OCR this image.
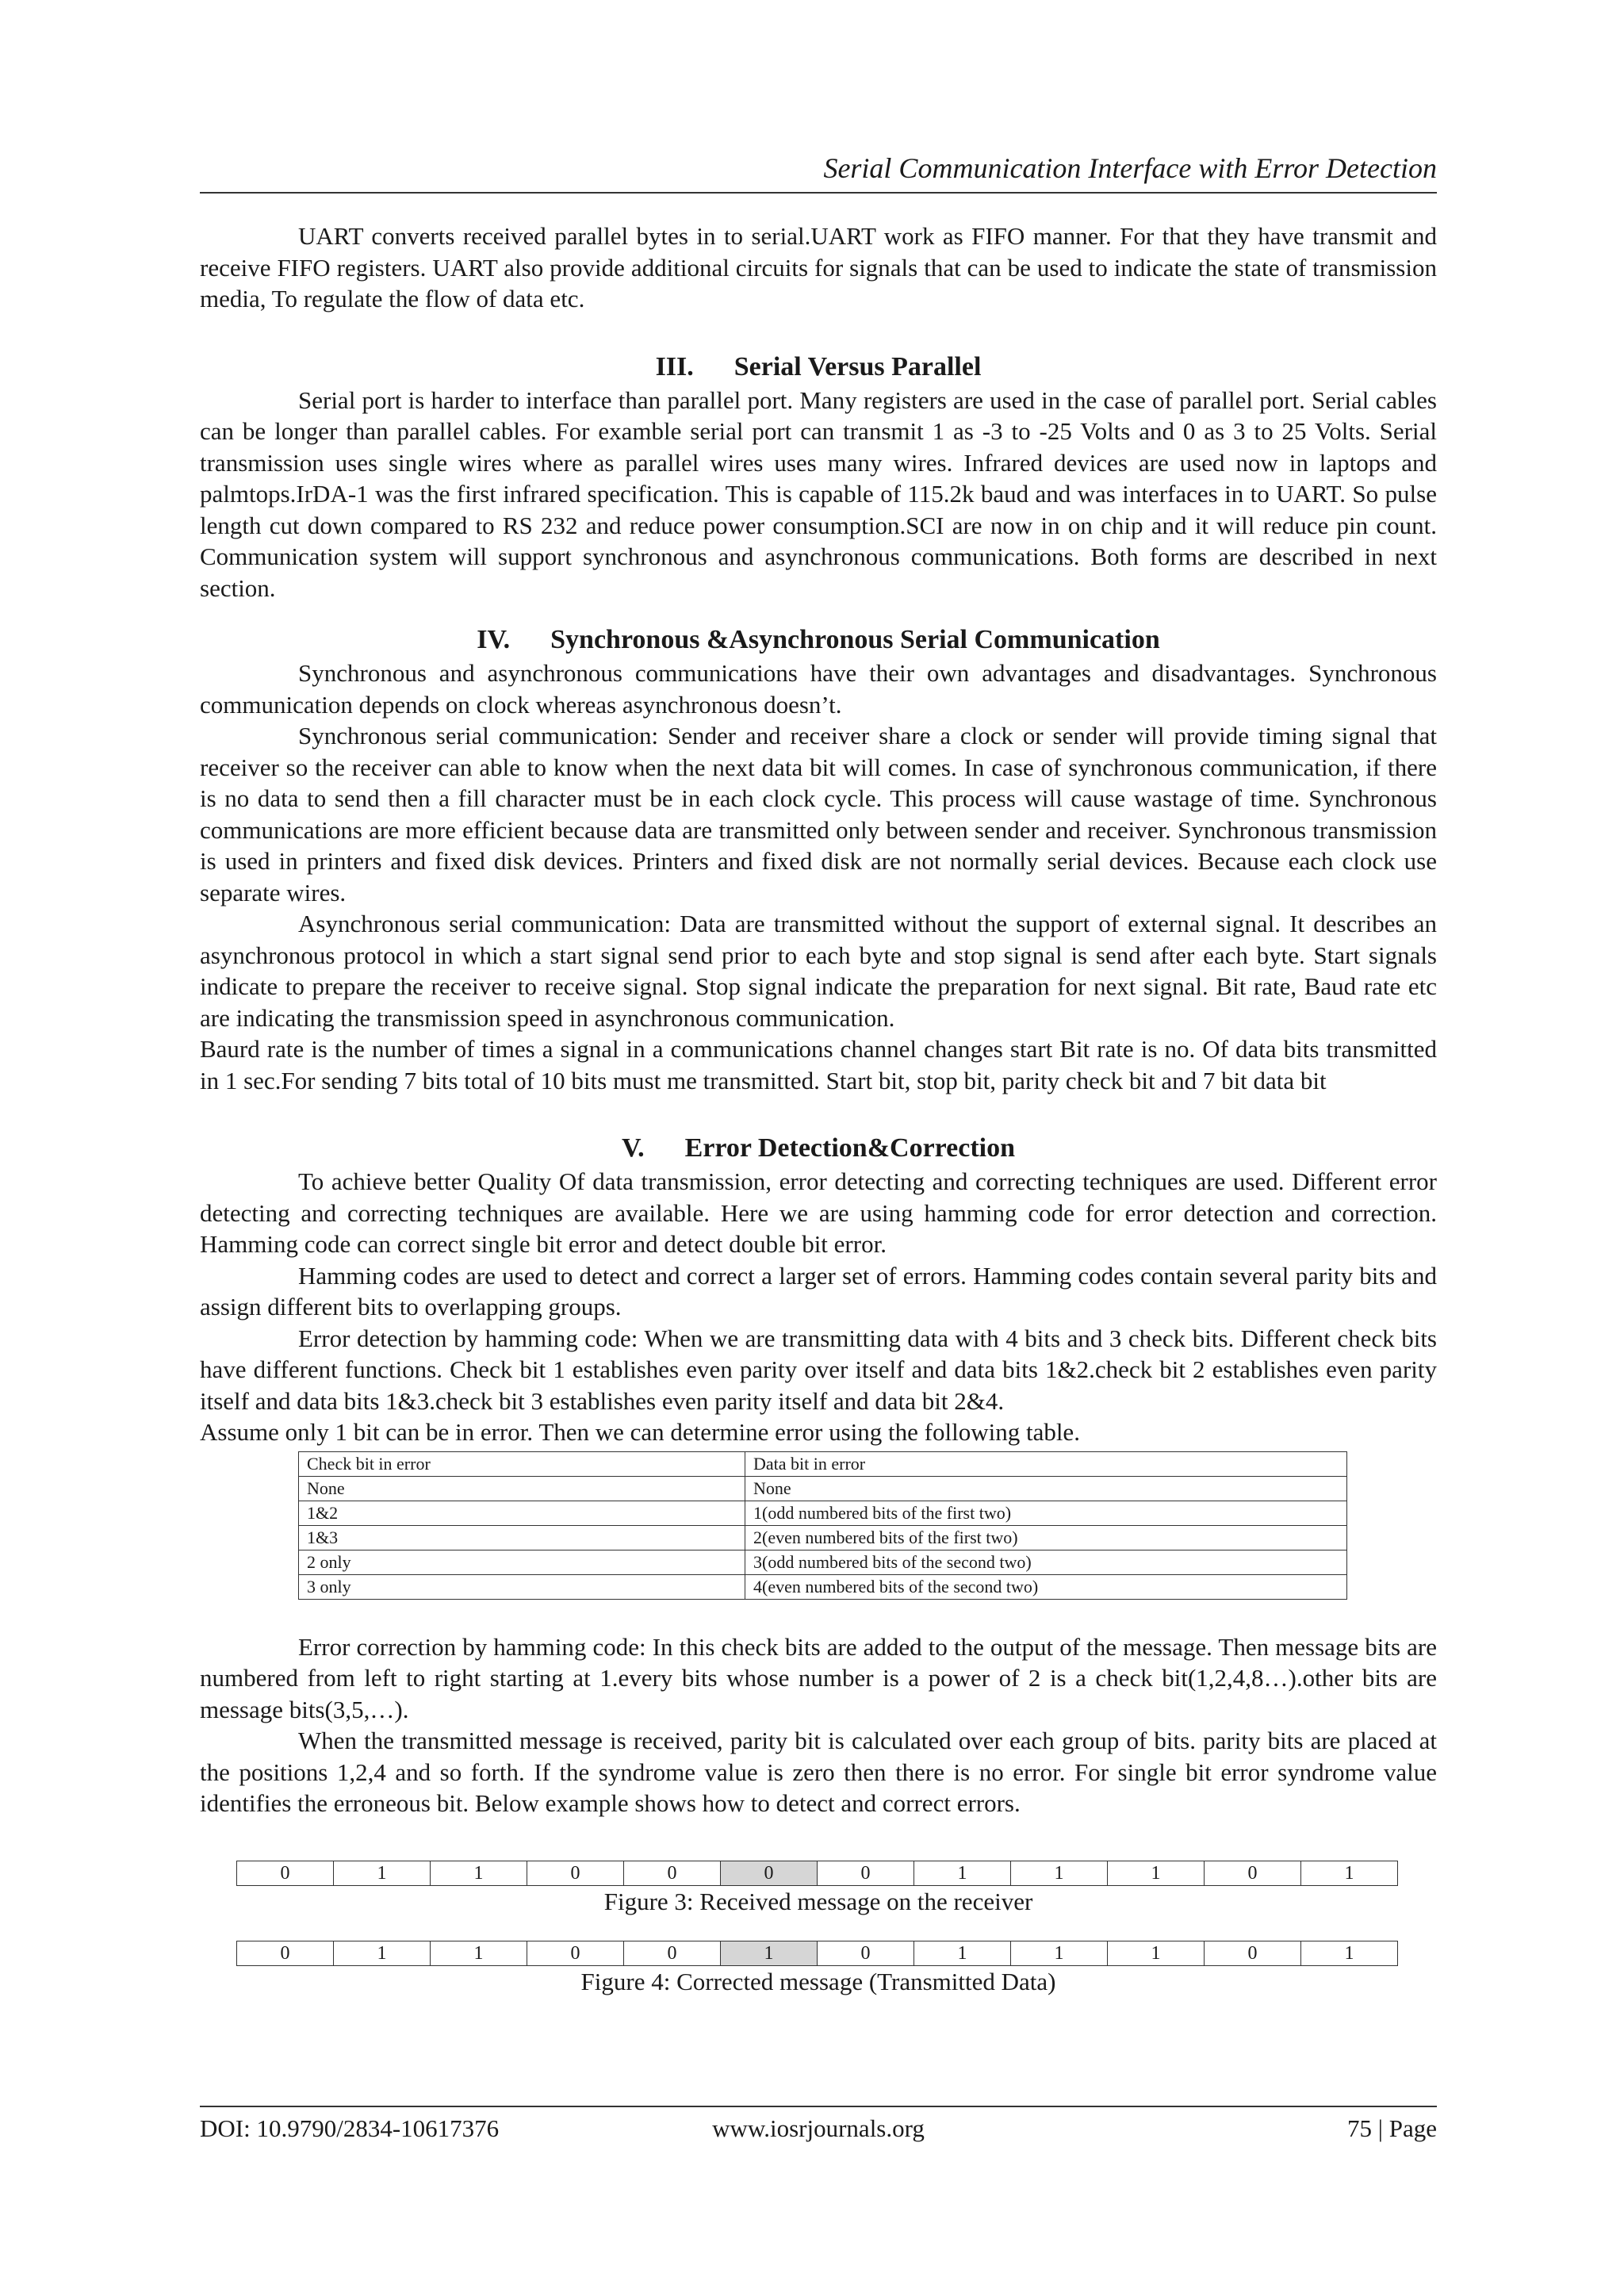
Serial Communication Interface with Error Detection

UART converts received parallel bytes in to serial.UART work as FIFO manner. For that they have transmit and receive FIFO registers. UART also provide additional circuits for signals that can be used to indicate the state of transmission media, To regulate the flow of data etc.

III.      Serial Versus Parallel

Serial port is harder to interface than parallel port. Many registers are used in the case of parallel port. Serial cables can be longer than parallel cables. For examble serial port can transmit 1 as -3 to -25 Volts and 0 as 3 to 25 Volts. Serial transmission uses single wires where as parallel wires uses many wires. Infrared devices are used now in laptops and palmtops.IrDA-1 was the first infrared specification. This is capable of 115.2k baud and was interfaces in to UART. So pulse length cut down compared to RS 232 and reduce power consumption.SCI are now in on chip and it will reduce pin count. Communication system will support synchronous and asynchronous communications. Both forms are described in next section.

IV.      Synchronous &Asynchronous Serial Communication

Synchronous and asynchronous communications have their own advantages and disadvantages. Synchronous communication depends on clock whereas asynchronous doesn’t.

Synchronous serial communication: Sender and receiver share a clock or sender will provide timing signal that receiver so the receiver can able to know when the next data bit will comes. In case of synchronous communication, if there is no data to send then a fill character must be in each clock cycle. This process will cause wastage of time. Synchronous communications are more efficient because data are transmitted only between sender and receiver. Synchronous transmission is used in printers and fixed disk devices. Printers and fixed disk are not normally serial devices. Because each clock use separate wires.

Asynchronous serial communication: Data are transmitted without the support of external signal. It describes an asynchronous protocol in which a start signal send prior to each byte and stop signal is send after each byte. Start signals indicate to prepare the receiver to receive signal. Stop signal indicate the preparation for next signal. Bit rate, Baud rate etc are indicating the transmission speed in asynchronous communication.

Baurd rate is the number of times a signal in a communications channel changes start Bit rate is no. Of data bits transmitted in 1 sec.For sending 7 bits total of 10 bits must me transmitted. Start bit, stop bit, parity check bit and 7 bit data bit

V.      Error Detection&Correction

To achieve better Quality Of data transmission, error detecting and correcting techniques are used. Different error detecting and correcting techniques are available. Here we are using hamming code for error detection and correction. Hamming code can correct single bit error and detect double bit error.

Hamming codes are used to detect and correct a larger set of errors. Hamming codes contain several parity bits and assign different bits to overlapping groups.

Error detection by hamming code: When we are transmitting data with 4 bits and 3 check bits. Different check bits have different functions. Check bit 1 establishes even parity over itself and data bits 1&2.check bit 2 establishes even parity itself and data bits 1&3.check bit 3 establishes even parity itself and data bit 2&4.

Assume only 1 bit can be in error. Then we can determine error using the following table.

Check bit in error	Data bit in error
None	None
1&2	1(odd numbered bits of the first two)
1&3	2(even numbered bits of the first two)
2 only	3(odd numbered bits of the second two)
3 only	4(even numbered bits of the second two)

Error correction by hamming code: In this check bits are added to the output of the message. Then message bits are numbered from left to right starting at 1.every bits whose number is a power of 2 is a check bit(1,2,4,8…).other bits are message bits(3,5,…).

When the transmitted message is received, parity bit is calculated over each group of bits. parity bits are placed at the positions 1,2,4 and so forth. If the syndrome value is zero then there is no error. For single bit error syndrome value identifies the erroneous bit. Below example shows how to detect and correct errors.

0	1	1	0	0	0	0	1	1	1	0	1
Figure 3: Received message on the receiver
0	1	1	0	0	1	0	1	1	1	0	1
Figure 4: Corrected message (Transmitted Data)
www.iosrjournals.org
DOI: 10.9790/2834-10617376	75 | Page
